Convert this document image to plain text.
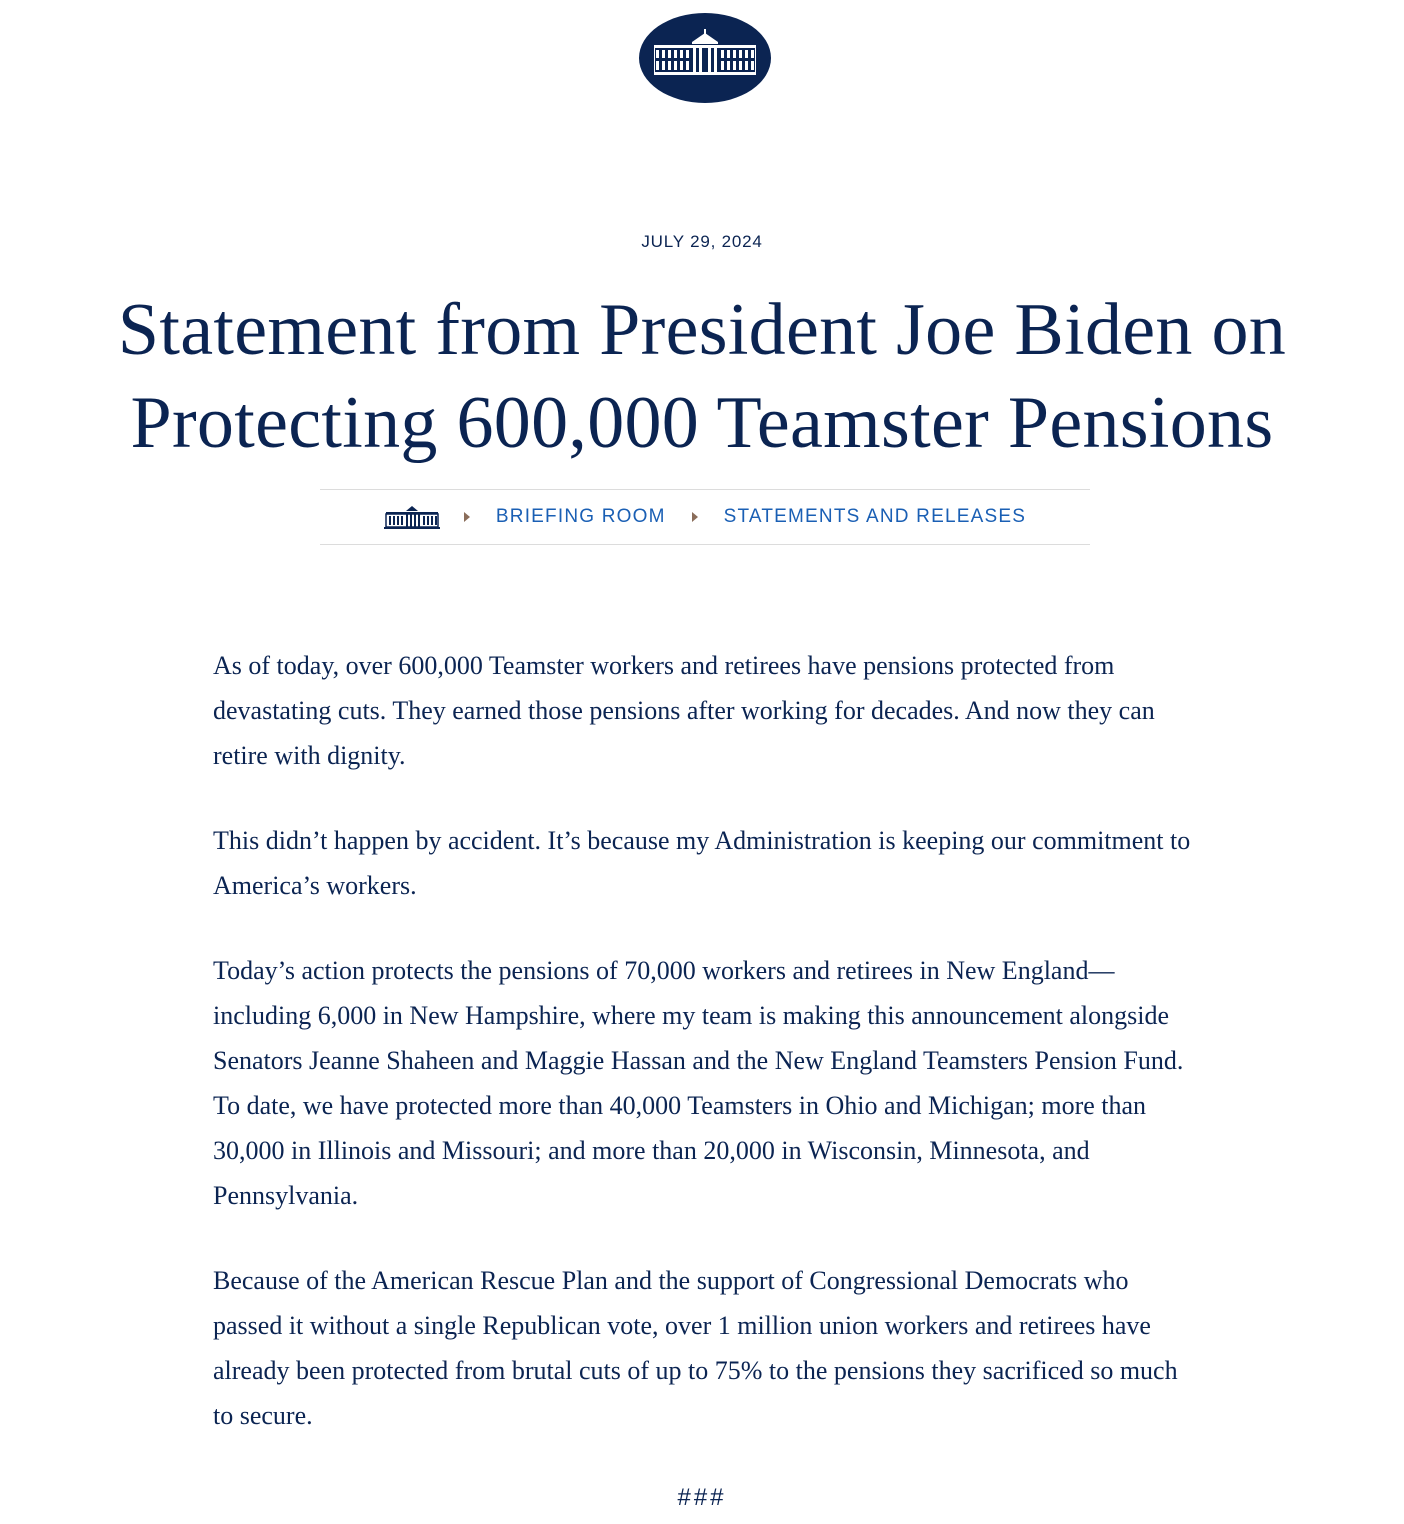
JULY 29, 2024
Statement from President Joe Biden on Protecting 600,000 Teamster Pensions
BRIEFING ROOM	STATEMENTS AND RELEASES

As of today, over 600,000 Teamster workers and retirees have pensions protected from devastating cuts. They earned those pensions after working for decades. And now they can retire with dignity.

This didn’t happen by accident. It’s because my Administration is keeping our commitment to America’s workers.

Today’s action protects the pensions of 70,000 workers and retirees in New England—including 6,000 in New Hampshire, where my team is making this announcement alongside Senators Jeanne Shaheen and Maggie Hassan and the New England Teamsters Pension Fund. To date, we have protected more than 40,000 Teamsters in Ohio and Michigan; more than 30,000 in Illinois and Missouri; and more than 20,000 in Wisconsin, Minnesota, and Pennsylvania.

Because of the American Rescue Plan and the support of Congressional Democrats who passed it without a single Republican vote, over 1 million union workers and retirees have already been protected from brutal cuts of up to 75% to the pensions they sacrificed so much to secure.

###
